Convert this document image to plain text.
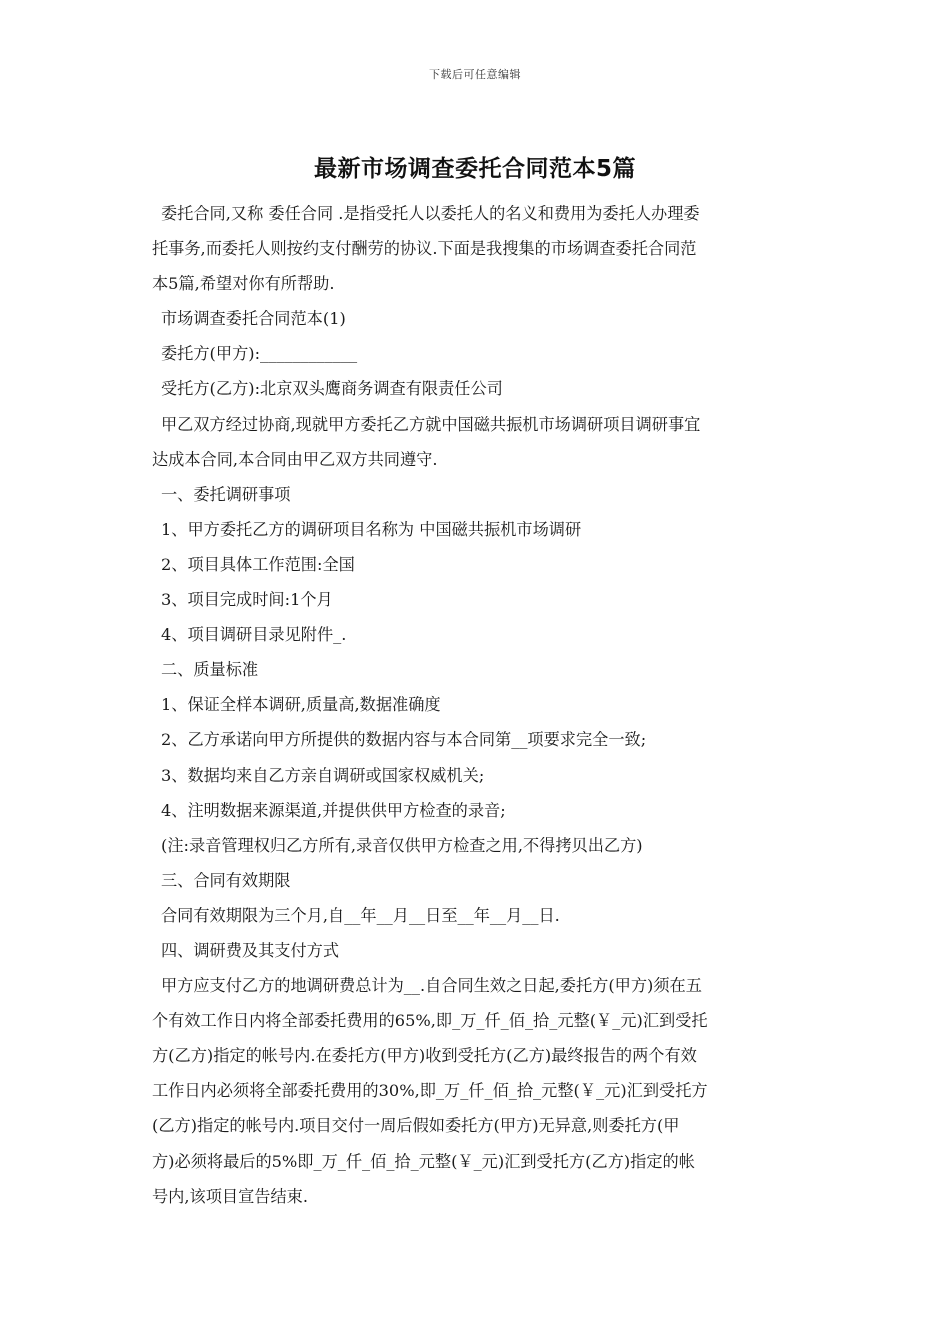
下载后可任意编辑
最新市场调查委托合同范本5篇
委托合同,又称 委任合同 .是指受托人以委托人的名义和费用为委托人办理委
托事务,而委托人则按约支付酬劳的协议.下面是我搜集的市场调查委托合同范
本5篇,希望对你有所帮助.
市场调查委托合同范本(1)
委托方(甲方):____________
受托方(乙方):北京双头鹰商务调查有限责任公司
甲乙双方经过协商,现就甲方委托乙方就中国磁共振机市场调研项目调研事宜
达成本合同,本合同由甲乙双方共同遵守.
一、委托调研事项
1、甲方委托乙方的调研项目名称为 中国磁共振机市场调研
2、项目具体工作范围:全国
3、项目完成时间:1个月
4、项目调研目录见附件_.
二、质量标准
1、保证全样本调研,质量高,数据准确度
2、乙方承诺向甲方所提供的数据内容与本合同第__项要求完全一致;
3、数据均来自乙方亲自调研或国家权威机关;
4、注明数据来源渠道,并提供供甲方检查的录音;
(注:录音管理权归乙方所有,录音仅供甲方检查之用,不得拷贝出乙方)
三、合同有效期限
合同有效期限为三个月,自__年__月__日至__年__月__日.
四、调研费及其支付方式
甲方应支付乙方的地调研费总计为__.自合同生效之日起,委托方(甲方)须在五
个有效工作日内将全部委托费用的65%,即_万_仟_佰_拾_元整(￥_元)汇到受托
方(乙方)指定的帐号内.在委托方(甲方)收到受托方(乙方)最终报告的两个有效
工作日内必须将全部委托费用的30%,即_万_仟_佰_拾_元整(￥_元)汇到受托方
(乙方)指定的帐号内.项目交付一周后假如委托方(甲方)无异意,则委托方(甲
方)必须将最后的5%即_万_仟_佰_拾_元整(￥_元)汇到受托方(乙方)指定的帐
号内,该项目宣告结束.
